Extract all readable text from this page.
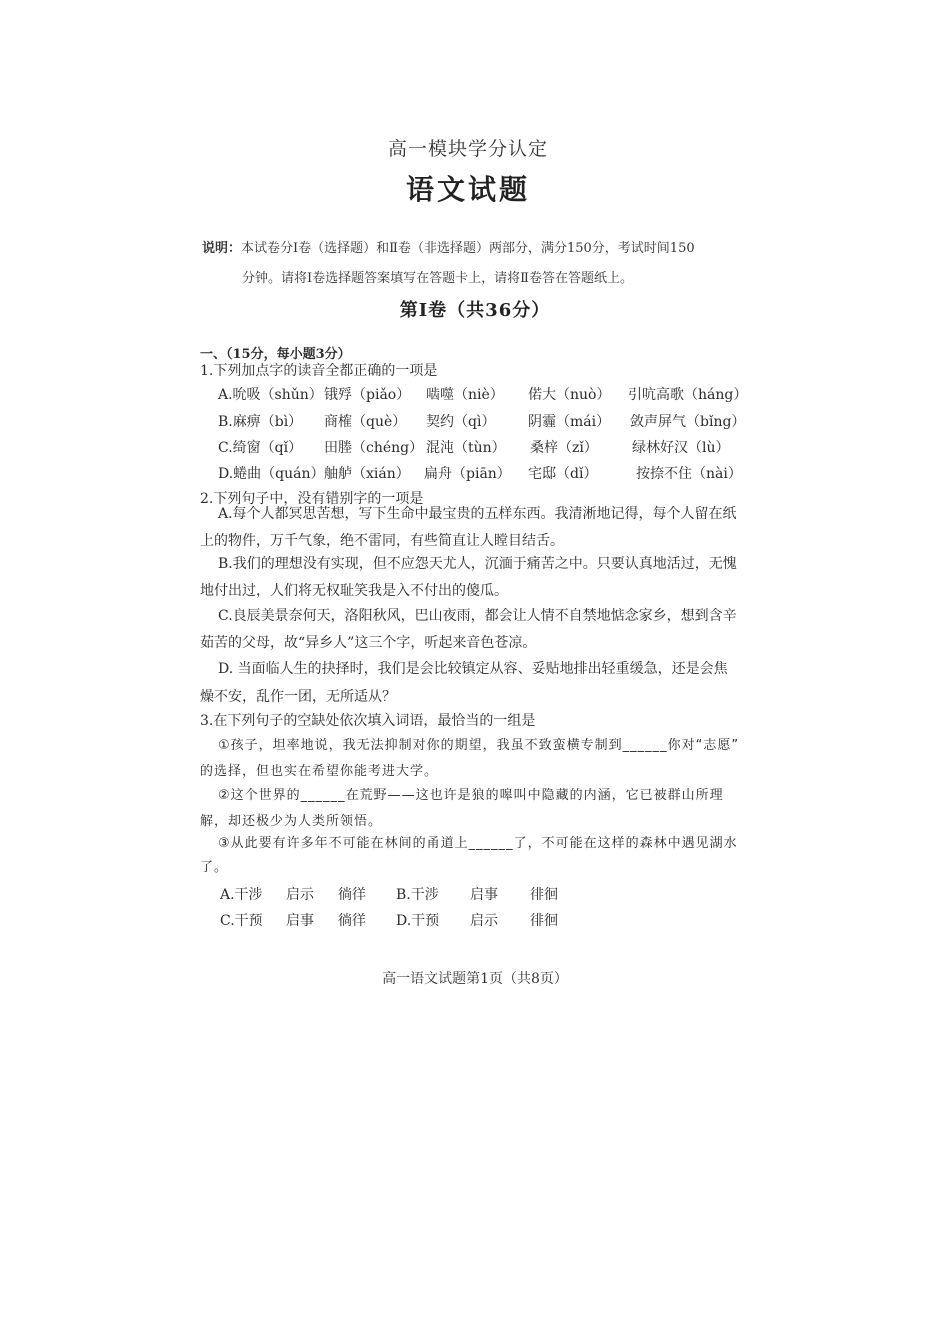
高一模块学分认定
语文试题
说明：本试卷分Ⅰ卷（选择题）和Ⅱ卷（非选择题）两部分，满分150分，考试时间150
分钟。请将Ⅰ卷选择题答案填写在答题卡上，请将Ⅱ卷答在答题纸上。
第Ⅰ卷（共36分）
一、（15分，每小题3分）
1.下列加点字的读音全都正确的一项是
A.吮吸（shǔn） 锇殍（piǎo） 啮噬（niè） 偌大（nuò） 引吭高歌（háng）
B.麻痹（bì） 商榷（què） 契约（qì） 阴霾（mái） 敛声屏气（bǐng）
C.绮窗（qǐ） 田塍（chéng） 混沌（tùn） 桑梓（zǐ） 绿林好汉（lù）
D.蜷曲（quán） 舳舻（xián） 扁舟（piān） 宅邸（dǐ）	按捺不住（nài）
2.下列句子中，没有错别字的一项是
A.每个人都冥思苦想，写下生命中最宝贵的五样东西。我清淅地记得，每个人留在纸
上的物件，万千气象，绝不雷同，有些简直让人瞠目结舌。
B.我们的理想没有实现，但不应怨天尤人，沉湎于痛苦之中。只要认真地活过，无愧
地付出过，人们将无权耻笑我是入不付出的傻瓜。
C.良辰美景奈何天，洛阳秋风，巴山夜雨，都会让人情不自禁地惦念家乡，想到含辛
茹苦的父母，故“异乡人”这三个字，听起来音色苍凉。
D. 当面临人生的抉择时，我们是会比较镇定从容、妥贴地排出轻重缓急，还是会焦
燥不安，乱作一团，无所适从？
3.在下列句子的空缺处依次填入词语，最恰当的一组是
①孩子，坦率地说，我无法抑制对你的期望，我虽不致蛮横专制到______你对“志愿”
的选择，但也实在希望你能考进大学。
②这个世界的______在荒野——这也许是狼的嗥叫中隐藏的内涵，它已被群山所理
解，却还极少为人类所领悟。
③从此要有许多年不可能在林间的甬道上______了，不可能在这样的森林中遇见湖水
了。
A.干涉 启示 徜徉 B.干涉 启事 徘徊
C.干预 启事 徜徉 D.干预 启示 徘徊
高一语文试题第1页（共8页）
